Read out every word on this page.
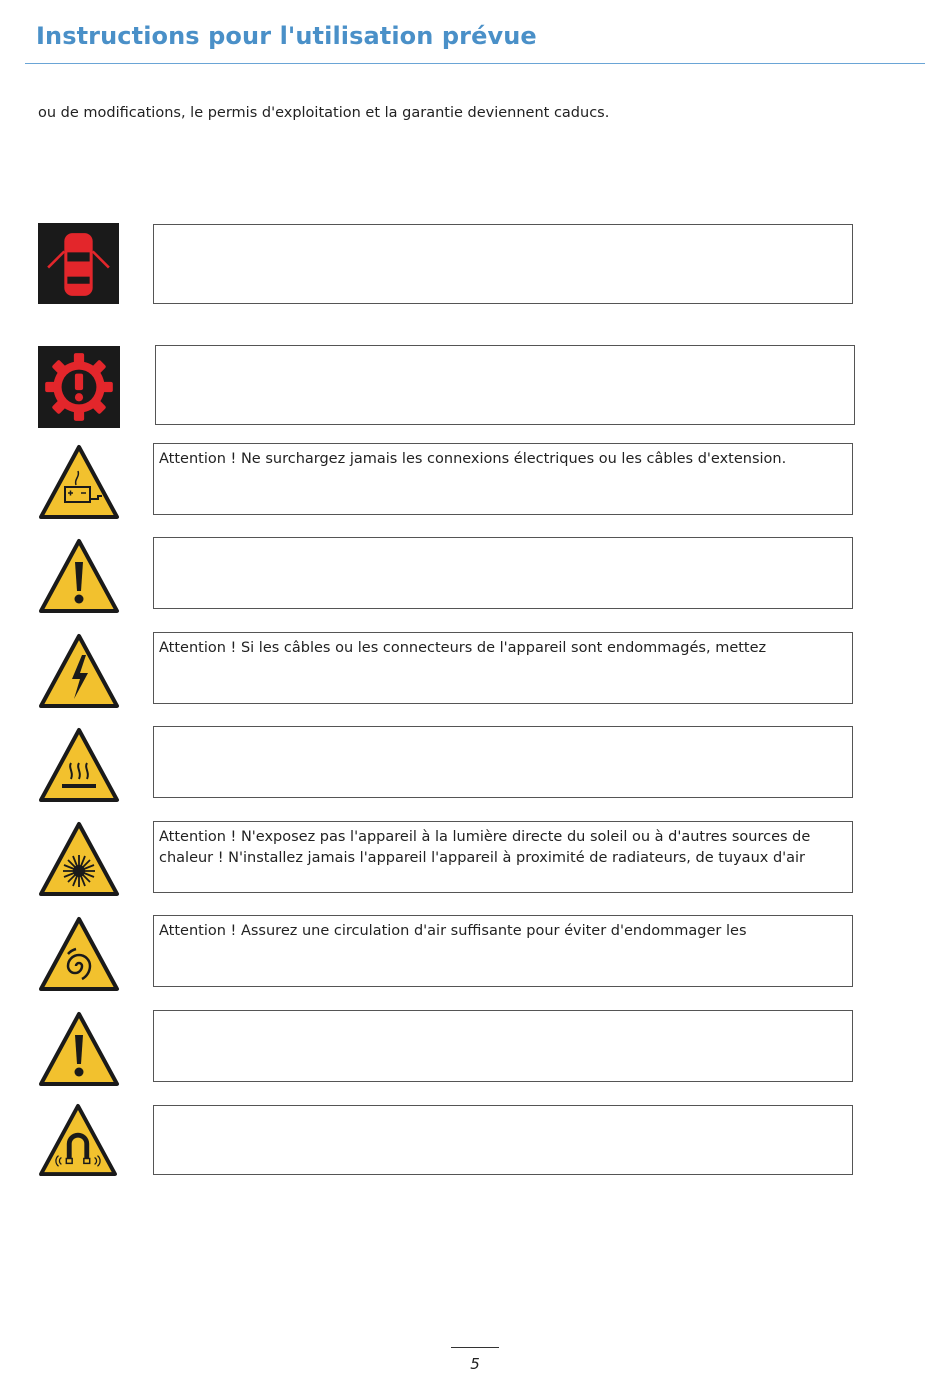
Instructions pour l'utilisation prévue

ou de modifications, le permis d'exploitation et la garantie deviennent caducs.

Attention ! Ne surchargez jamais les connexions électriques ou les câbles d'extension.
Attention ! Si les câbles ou les connecteurs de l'appareil sont endommagés, mettez
Attention ! N'exposez pas l'appareil à la lumière directe du soleil ou à d'autres sources de chaleur ! N'installez jamais l'appareil l'appareil à proximité de radiateurs, de tuyaux d'air
Attention ! Assurez une circulation d'air suffisante pour éviter d'endommager les
5
